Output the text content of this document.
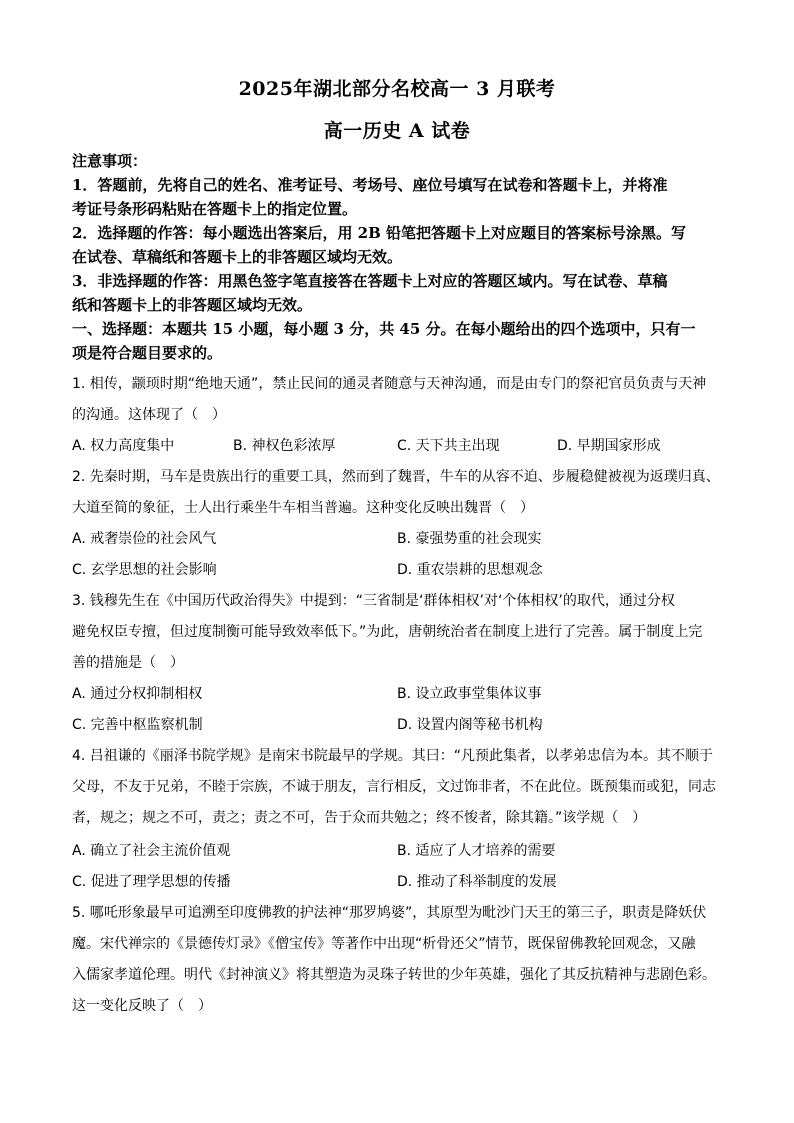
2025年湖北部分名校高一 3 月联考
高一历史 A 试卷
注意事项：
1．答题前，先将自己的姓名、准考证号、考场号、座位号填写在试卷和答题卡上，并将准
考证号条形码粘贴在答题卡上的指定位置。
2．选择题的作答：每小题选出答案后，用 2B 铅笔把答题卡上对应题目的答案标号涂黑。写
在试卷、草稿纸和答题卡上的非答题区域均无效。
3．非选择题的作答：用黑色签字笔直接答在答题卡上对应的答题区域内。写在试卷、草稿
纸和答题卡上的非答题区域均无效。
一、选择题：本题共 15 小题，每小题 3 分，共 45 分。在每小题给出的四个选项中，只有一
项是符合题目要求的。
1. 相传，颛顼时期“绝地天通”，禁止民间的通灵者随意与天神沟通，而是由专门的祭祀官员负责与天神
的沟通。这体现了（　）
A. 权力高度集中	B. 神权色彩浓厚	C. 天下共主出现	D. 早期国家形成
2. 先秦时期，马车是贵族出行的重要工具，然而到了魏晋，牛车的从容不迫、步履稳健被视为返璞归真、
大道至简的象征，士人出行乘坐牛车相当普遍。这种变化反映出魏晋（　）
A. 戒奢崇俭的社会风气	B. 豪强势重的社会现实
C. 玄学思想的社会影响	D. 重农崇耕的思想观念
3. 钱穆先生在《中国历代政治得失》中提到：“三省制是‘群体相权’对‘个体相权’的取代，通过分权
避免权臣专擅，但过度制衡可能导致效率低下。”为此，唐朝统治者在制度上进行了完善。属于制度上完
善的措施是（　）
A. 通过分权抑制相权	B. 设立政事堂集体议事
C. 完善中枢监察机制	D. 设置内阁等秘书机构
4. 吕祖谦的《丽泽书院学规》是南宋书院最早的学规。其曰：“凡预此集者，以孝弟忠信为本。其不顺于
父母，不友于兄弟，不睦于宗族，不诚于朋友，言行相反，文过饰非者，不在此位。既预集而或犯，同志
者，规之；规之不可，责之；责之不可，告于众而共勉之；终不悛者，除其籍。”该学规（　）
A. 确立了社会主流价值观	B. 适应了人才培养的需要
C. 促进了理学思想的传播	D. 推动了科举制度的发展
5. 哪吒形象最早可追溯至印度佛教的护法神“那罗鸠婆”，其原型为毗沙门天王的第三子，职责是降妖伏
魔。宋代禅宗的《景德传灯录》《僧宝传》等著作中出现“析骨还父”情节，既保留佛教轮回观念，又融
入儒家孝道伦理。明代《封神演义》将其塑造为灵珠子转世的少年英雄，强化了其反抗精神与悲剧色彩。
这一变化反映了（　）
